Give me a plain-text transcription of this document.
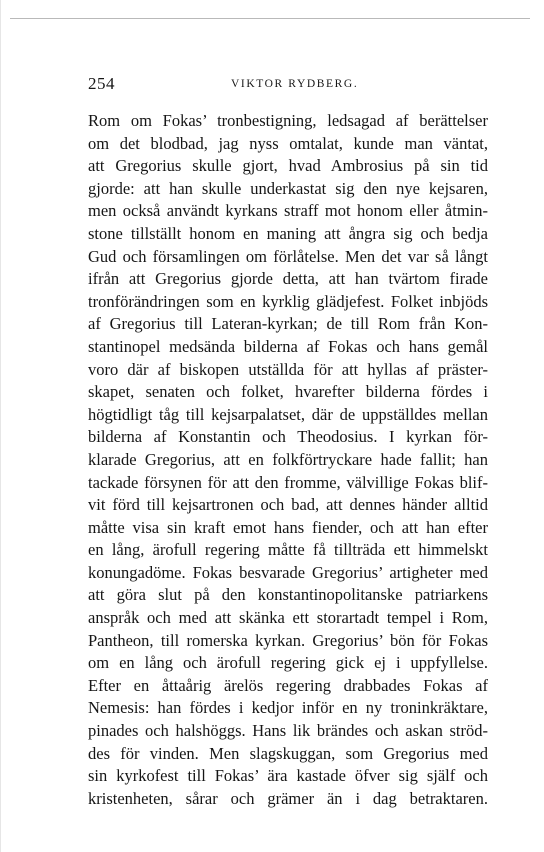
254	VIKTOR RYDBERG.
Rom om Fokas’ tronbestigning, ledsagad af berättelser
om det blodbad, jag nyss omtalat, kunde man väntat,
att Gregorius skulle gjort, hvad Ambrosius på sin tid
gjorde: att han skulle underkastat sig den nye kejsaren,
men också användt kyrkans straff mot honom eller åtmin-
stone tillställt honom en maning att ångra sig och bedja
Gud och församlingen om förlåtelse. Men det var så långt
ifrån att Gregorius gjorde detta, att han tvärtom firade
tronförändringen som en kyrklig glädjefest. Folket inbjöds
af Gregorius till Lateran-kyrkan; de till Rom från Kon-
stantinopel medsända bilderna af Fokas och hans gemål
voro där af biskopen utställda för att hyllas af präster-
skapet, senaten och folket, hvarefter bilderna fördes i
högtidligt tåg till kejsarpalatset, där de uppställdes mellan
bilderna af Konstantin och Theodosius. I kyrkan för-
klarade Gregorius, att en folkförtryckare hade fallit; han
tackade försynen för att den fromme, välvillige Fokas blif-
vit förd till kejsartronen och bad, att dennes händer alltid
måtte visa sin kraft emot hans fiender, och att han efter
en lång, ärofull regering måtte få tillträda ett himmelskt
konungadöme. Fokas besvarade Gregorius’ artigheter med
att göra slut på den konstantinopolitanske patriarkens
anspråk och med att skänka ett storartadt tempel i Rom,
Pantheon, till romerska kyrkan. Gregorius’ bön för Fokas
om en lång och ärofull regering gick ej i uppfyllelse.
Efter en åttaårig ärelös regering drabbades Fokas af
Nemesis: han fördes i kedjor inför en ny troninkräktare,
pinades och halshöggs. Hans lik brändes och askan ströd-
des för vinden. Men slagskuggan, som Gregorius med
sin kyrkofest till Fokas’ ära kastade öfver sig själf och
kristenheten, sårar och grämer än i dag betraktaren.
